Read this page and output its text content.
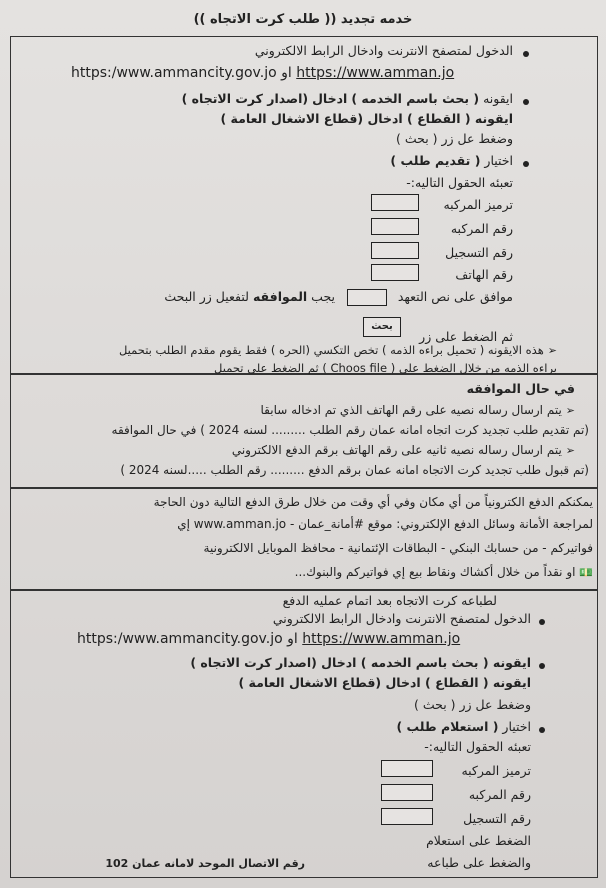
خدمه تجديد (( طلب كرت الاتجاه ))
الدخول لمتصفح الانترنت وادخال الرابط الالكتروني
https:/www.ammancity.gov.jo او https://www.amman.jo
ايقونه ( بحث باسم الخدمه ) ادخال (اصدار كرت الاتجاه )
ايقونه ( القطاع ) ادخال (قطاع الاشغال العامة )
وضغط عل زر ( بحث )
اختيار ( تقديم طلب )
تعبئه الحقول التاليه:-
ترميز المركبه
رقم المركبه
رقم التسجيل
رقم الهاتف
موافق على نص التعهد
يجب الموافقه لتفعيل زر البحث
ثم الضغط على زر
بحث
➢هذه الايقونه ( تحميل براءه الذمه ) تخص التكسي (الحره ) فقط يقوم مقدم الطلب بتحميل
براءه الذمه من خلال الضغط على ( Choos file ) ثم الضغط على تحميل
في حال الموافقه
➢يتم ارسال رساله نصيه على رقم الهاتف الذي تم ادخاله سابقا
(تم تقديم طلب تجديد كرت اتجاه امانه عمان رقم الطلب ......... لسنه 2024 ) في حال الموافقه
➢يتم ارسال رساله نصيه ثانيه على رقم الهاتف برقم الدفع الالكتروني
(تم قبول طلب تجديد كرت الاتجاه امانه عمان برقم الدفع ......... رقم الطلب .....لسنه 2024 )
يمكنكم الدفع الكترونياً من أي مكان وفي أي وقت من خلال طرق الدفع التالية دون الحاجة
لمراجعة الأمانة وسائل الدفع الإلكتروني: موقع #أمانة_عمان - www.amman.jo إي
فواتيركم - من حسابك البنكي - البطاقات الإئتمانية - محافظ الموبايل الالكترونية
💵 او نقداً من خلال أكشاك ونقاط بيع إي فواتيركم والبنوك...
لطباعه كرت الاتجاه بعد اتمام عمليه الدفع
الدخول لمتصفح الانترنت وادخال الرابط الالكتروني
https:/www.ammancity.gov.jo او https://www.amman.jo
ايقونه ( بحث باسم الخدمه ) ادخال (اصدار كرت الاتجاه )
ايقونه ( القطاع ) ادخال (قطاع الاشغال العامة )
وضغط عل زر ( بحث )
اختيار ( استعلام طلب )
تعبئه الحقول التاليه:-
ترميز المركبه
رقم المركبه
رقم التسجيل
الضغط على استعلام
والضغط على طباعه
رقم الاتصال الموحد لامانه عمان 102
